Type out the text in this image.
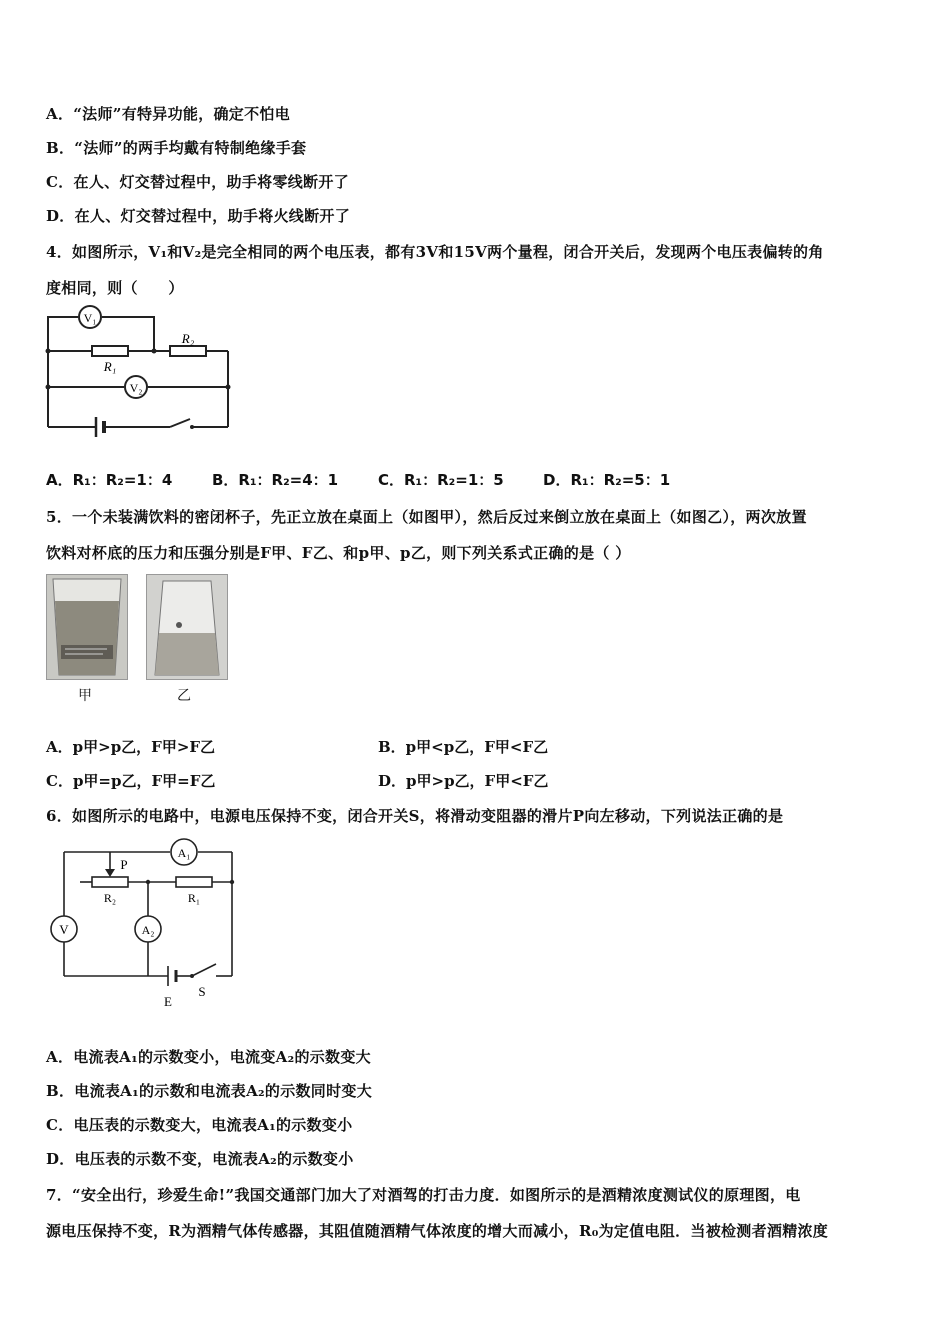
A．“法师”有特异功能，确定不怕电
B．“法师”的两手均戴有特制绝缘手套
C．在人、灯交替过程中，助手将零线断开了
D．在人、灯交替过程中，助手将火线断开了
4．如图所示，V₁和V₂是完全相同的两个电压表，都有3V和15V两个量程，闭合开关后，发现两个电压表偏转的角
度相同，则（　　）
V₁
V₂
R₁
R₂
A．R₁：R₂=1：4	B．R₁：R₂=4：1	C．R₁：R₂=1：5	D．R₁：R₂=5：1
5．一个未装满饮料的密闭杯子，先正立放在桌面上（如图甲），然后反过来倒立放在桌面上（如图乙），两次放置
饮料对杯底的压力和压强分别是F甲、F乙、和p甲、p乙，则下列关系式正确的是（ ）
甲	乙
A．p甲>p乙，F甲>F乙	B．p甲<p乙，F甲<F乙
C．p甲=p乙，F甲=F乙	D．p甲>p乙，F甲<F乙
6．如图所示的电路中，电源电压保持不变，闭合开关S，将滑动变阻器的滑片P向左移动，下列说法正确的是
A₁
V	A₂
P
R₂	R₁
E
S
A．电流表A₁的示数变小，电流变A₂的示数变大
B．电流表A₁的示数和电流表A₂的示数同时变大
C．电压表的示数变大，电流表A₁的示数变小
D．电压表的示数不变，电流表A₂的示数变小
7．“安全出行，珍爱生命!”我国交通部门加大了对酒驾的打击力度．如图所示的是酒精浓度测试仪的原理图，电
源电压保持不变，R为酒精气体传感器，其阻值随酒精气体浓度的增大而减小，R₀为定值电阻．当被检测者酒精浓度
